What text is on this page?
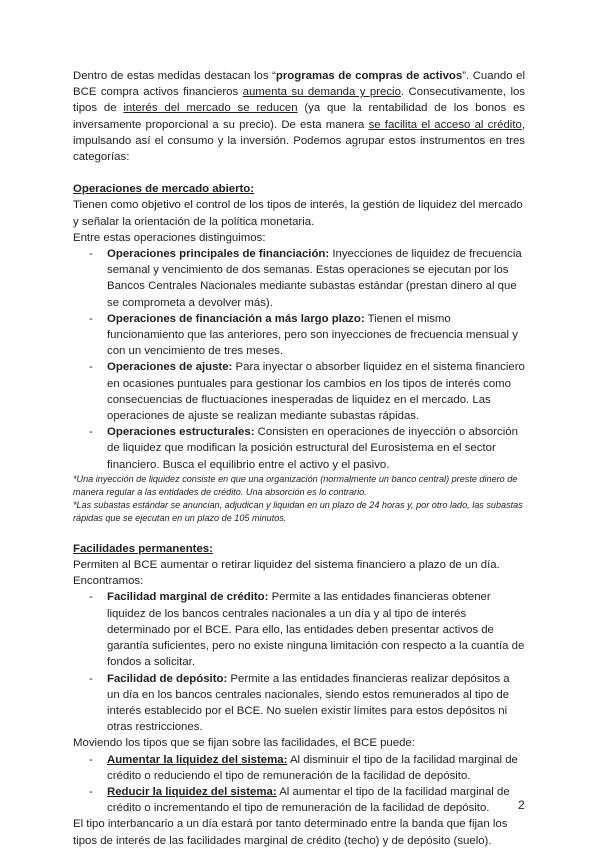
Dentro de estas medidas destacan los “programas de compras de activos”. Cuando el BCE compra activos financieros aumenta su demanda y precio. Consecutivamente, los tipos de interés del mercado se reducen (ya que la rentabilidad de los bonos es inversamente proporcional a su precio). De esta manera se facilita el acceso al crédito, impulsando así el consumo y la inversión. Podemos agrupar estos instrumentos en tres categorías:

Operaciones de mercado abierto:

Tienen como objetivo el control de los tipos de interés, la gestión de liquidez del mercado y señalar la orientación de la política monetaria.

Entre estas operaciones distinguimos:

- Operaciones principales de financiación: Inyecciones de liquidez de frecuencia semanal y vencimiento de dos semanas. Estas operaciones se ejecutan por los Bancos Centrales Nacionales mediante subastas estándar (prestan dinero al que se comprometa a devolver más).
- Operaciones de financiación a más largo plazo: Tienen el mismo funcionamiento que las anteriores, pero son inyecciones de frecuencia mensual y con un vencimiento de tres meses.
- Operaciones de ajuste: Para inyectar o absorber liquidez en el sistema financiero en ocasiones puntuales para gestionar los cambios en los tipos de interés como consecuencias de fluctuaciones inesperadas de liquidez en el mercado. Las operaciones de ajuste se realizan mediante subastas rápidas.
- Operaciones estructurales: Consisten en operaciones de inyección o absorción de liquidez que modifican la posición estructural del Eurosistema en el sector financiero. Busca el equilibrio entre el activo y el pasivo.

*Una inyección de liquidez consiste en que una organización (normalmente un banco central) preste dinero de manera regular a las entidades de crédito. Una absorción es lo contrario.

*Las subastas estándar se anuncian, adjudican y liquidan en un plazo de 24 horas y, por otro lado, las subastas rápidas que se ejecutan en un plazo de 105 minutos.

Facilidades permanentes:

Permiten al BCE aumentar o retirar liquidez del sistema financiero a plazo de un día.

Encontramos:

- Facilidad marginal de crédito: Permite a las entidades financieras obtener liquidez de los bancos centrales nacionales a un día y al tipo de interés determinado por el BCE. Para ello, las entidades deben presentar activos de garantía suficientes, pero no existe ninguna limitación con respecto a la cuantía de fondos a solicitar.
- Facilidad de depósito: Permite a las entidades financieras realizar depósitos a un día en los bancos centrales nacionales, siendo estos remunerados al tipo de interés establecido por el BCE. No suelen existir límites para estos depósitos ni otras restricciones.

Moviendo los tipos que se fijan sobre las facilidades, el BCE puede:

- Aumentar la liquidez del sistema: Al disminuir el tipo de la facilidad marginal de crédito o reduciendo el tipo de remuneración de la facilidad de depósito.
- Reducir la liquidez del sistema: Al aumentar el tipo de la facilidad marginal de crédito o incrementando el tipo de remuneración de la facilidad de depósito.

El tipo interbancario a un día estará por tanto determinado entre la banda que fijan los tipos de interés de las facilidades marginal de crédito (techo) y de depósito (suelo).

2
